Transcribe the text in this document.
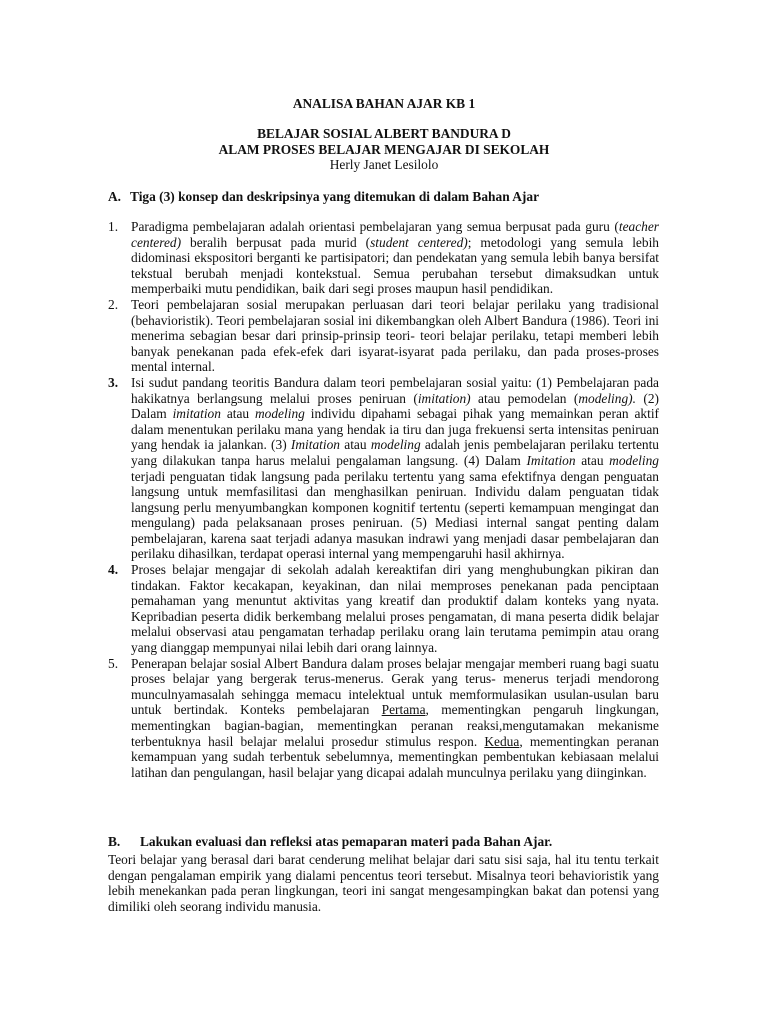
ANALISA BAHAN AJAR KB 1
BELAJAR SOSIAL ALBERT BANDURA D
ALAM PROSES BELAJAR MENGAJAR DI SEKOLAH
Herly Janet Lesilolo
A. Tiga (3) konsep dan deskripsinya yang ditemukan di dalam Bahan Ajar
1. Paradigma pembelajaran adalah orientasi pembelajaran yang semua berpusat pada guru (teacher centered) beralih berpusat pada murid (student centered); metodologi yang semula lebih didominasi ekspositori berganti ke partisipatori; dan pendekatan yang semula lebih banya bersifat tekstual berubah menjadi kontekstual. Semua perubahan tersebut dimaksudkan untuk memperbaiki mutu pendidikan, baik dari segi proses maupun hasil pendidikan.
2. Teori pembelajaran sosial merupakan perluasan dari teori belajar perilaku yang tradisional (behavioristik). Teori pembelajaran sosial ini dikembangkan oleh Albert Bandura (1986). Teori ini menerima sebagian besar dari prinsip-prinsip teori- teori belajar perilaku, tetapi memberi lebih banyak penekanan pada efek-efek dari isyarat-isyarat pada perilaku, dan pada proses-proses mental internal.
3. Isi sudut pandang teoritis Bandura dalam teori pembelajaran sosial yaitu: (1) Pembelajaran pada hakikatnya berlangsung melalui proses peniruan (imitation) atau pemodelan (modeling). (2) Dalam imitation atau modeling individu dipahami sebagai pihak yang memainkan peran aktif dalam menentukan perilaku mana yang hendak ia tiru dan juga frekuensi serta intensitas peniruan yang hendak ia jalankan. (3) Imitation atau modeling adalah jenis pembelajaran perilaku tertentu yang dilakukan tanpa harus melalui pengalaman langsung. (4) Dalam Imitation atau modeling terjadi penguatan tidak langsung pada perilaku tertentu yang sama efektifnya dengan penguatan langsung untuk memfasilitasi dan menghasilkan peniruan. Individu dalam penguatan tidak langsung perlu menyumbangkan komponen kognitif tertentu (seperti kemampuan mengingat dan mengulang) pada pelaksanaan proses peniruan. (5) Mediasi internal sangat penting dalam pembelajaran, karena saat terjadi adanya masukan indrawi yang menjadi dasar pembelajaran dan perilaku dihasilkan, terdapat operasi internal yang mempengaruhi hasil akhirnya.
4. Proses belajar mengajar di sekolah adalah kereaktifan diri yang menghubungkan pikiran dan tindakan. Faktor kecakapan, keyakinan, dan nilai memproses penekanan pada penciptaan pemahaman yang menuntut aktivitas yang kreatif dan produktif dalam konteks yang nyata. Kepribadian peserta didik berkembang melalui proses pengamatan, di mana peserta didik belajar melalui observasi atau pengamatan terhadap perilaku orang lain terutama pemimpin atau orang yang dianggap mempunyai nilai lebih dari orang lainnya.
5. Penerapan belajar sosial Albert Bandura dalam proses belajar mengajar memberi ruang bagi suatu proses belajar yang bergerak terus-menerus. Gerak yang terus- menerus terjadi mendorong munculnyamasalah sehingga memacu intelektual untuk memformulasikan usulan-usulan baru untuk bertindak. Konteks pembelajaran Pertama, mementingkan pengaruh lingkungan, mementingkan bagian-bagian, mementingkan peranan reaksi,mengutamakan mekanisme terbentuknya hasil belajar melalui prosedur stimulus respon. Kedua, mementingkan peranan kemampuan yang sudah terbentuk sebelumnya, mementingkan pembentukan kebiasaan melalui latihan dan pengulangan, hasil belajar yang dicapai adalah munculnya perilaku yang diinginkan.
B. Lakukan evaluasi dan refleksi atas pemaparan materi pada Bahan Ajar.
Teori belajar yang berasal dari barat cenderung melihat belajar dari satu sisi saja, hal itu tentu terkait dengan pengalaman empirik yang dialami pencentus teori tersebut. Misalnya teori behavioristik yang lebih menekankan pada peran lingkungan, teori ini sangat mengesampingkan bakat dan potensi yang dimiliki oleh seorang individu manusia.
